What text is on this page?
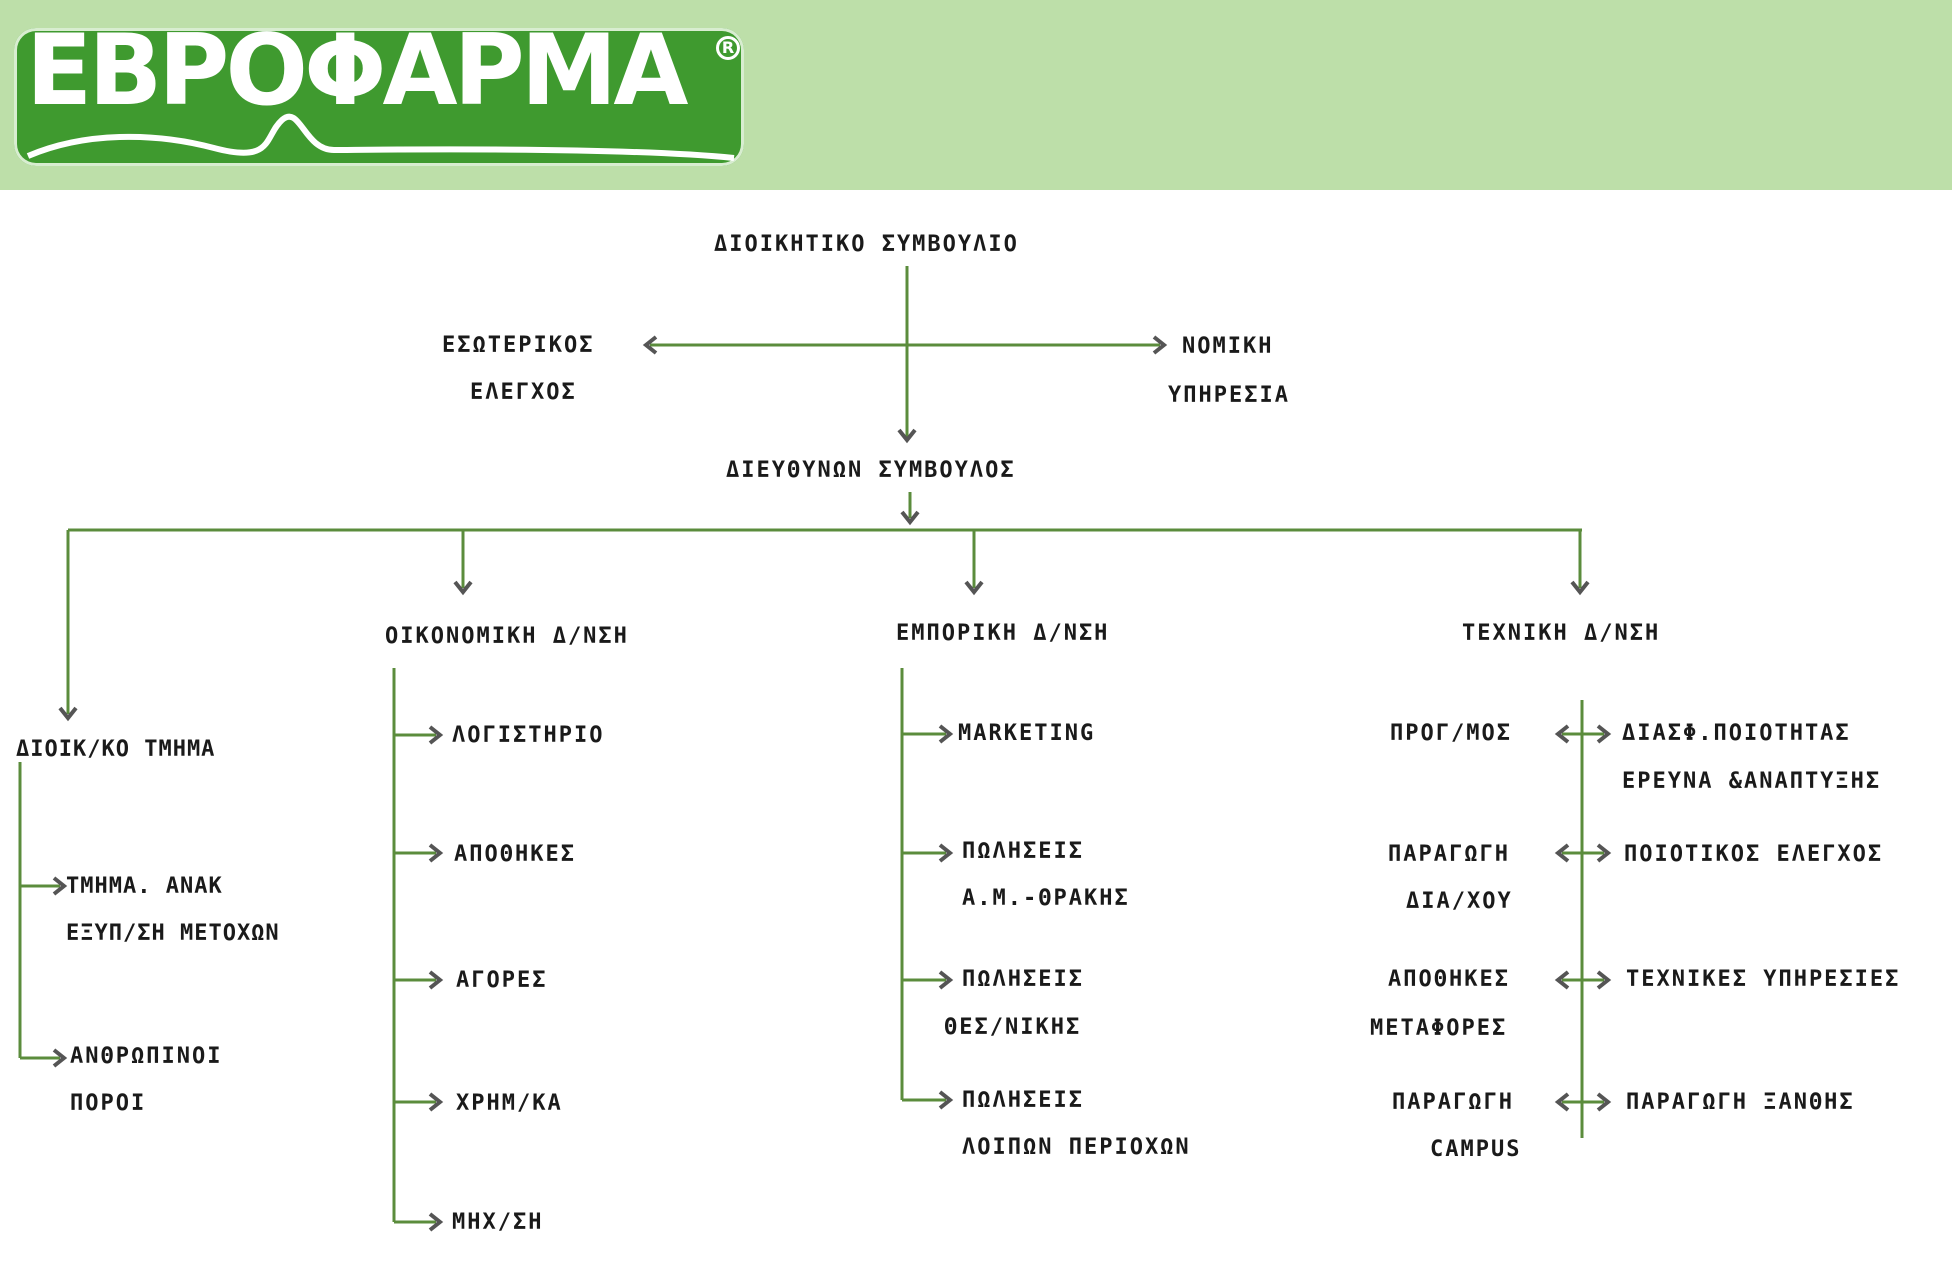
ΕΒΡΟΦΑΡΜΑ	R
ΔΙΟΙΚΗΤΙΚΟ ΣΥΜΒΟΥΛΙΟ
ΕΣΩΤΕΡΙΚΟΣ
ΕΛΕΓΧΟΣ
ΝΟΜΙΚΗ
ΥΠΗΡΕΣΙΑ
ΔΙΕΥΘΥΝΩΝ ΣΥΜΒΟΥΛΟΣ
ΔΙΟΙΚ/ΚΟ ΤΜΗΜΑ
ΟΙΚΟΝΟΜΙΚΗ Δ/ΝΣΗ	ΕΜΠΟΡΙΚΗ Δ/ΝΣΗ	ΤΕΧΝΙΚΗ Δ/ΝΣΗ
ΤΜΗΜΑ. ΑΝΑΚ
ΕΞΥΠ/ΣΗ ΜΕΤΟΧΩΝ
ΑΝΘΡΩΠΙΝΟΙ
ΠΟΡΟΙ
ΛΟΓΙΣΤΗΡΙΟ
ΑΠΟΘΗΚΕΣ
ΑΓΟΡΕΣ
ΧΡΗΜ/ΚΑ
ΜΗΧ/ΣΗ
MARKETING
ΠΩΛΗΣΕΙΣ
Α.Μ.-ΘΡΑΚΗΣ
ΠΩΛΗΣΕΙΣ
ΘΕΣ/ΝΙΚΗΣ
ΠΩΛΗΣΕΙΣ
ΛΟΙΠΩΝ ΠΕΡΙΟΧΩΝ
ΠΡΟΓ/ΜΟΣ
ΠΑΡΑΓΩΓΗ
ΔΙΑ/ΧΟΥ
ΑΠΟΘΗΚΕΣ
ΜΕΤΑΦΟΡΕΣ
ΠΑΡΑΓΩΓΗ
CAMPUS
ΔΙΑΣΦ.ΠΟΙΟΤΗΤΑΣ
ΕΡΕΥΝΑ &ΑΝΑΠΤΥΞΗΣ
ΠΟΙΟΤΙΚΟΣ ΕΛΕΓΧΟΣ
ΤΕΧΝΙΚΕΣ ΥΠΗΡΕΣΙΕΣ
ΠΑΡΑΓΩΓΗ ΞΑΝΘΗΣ
